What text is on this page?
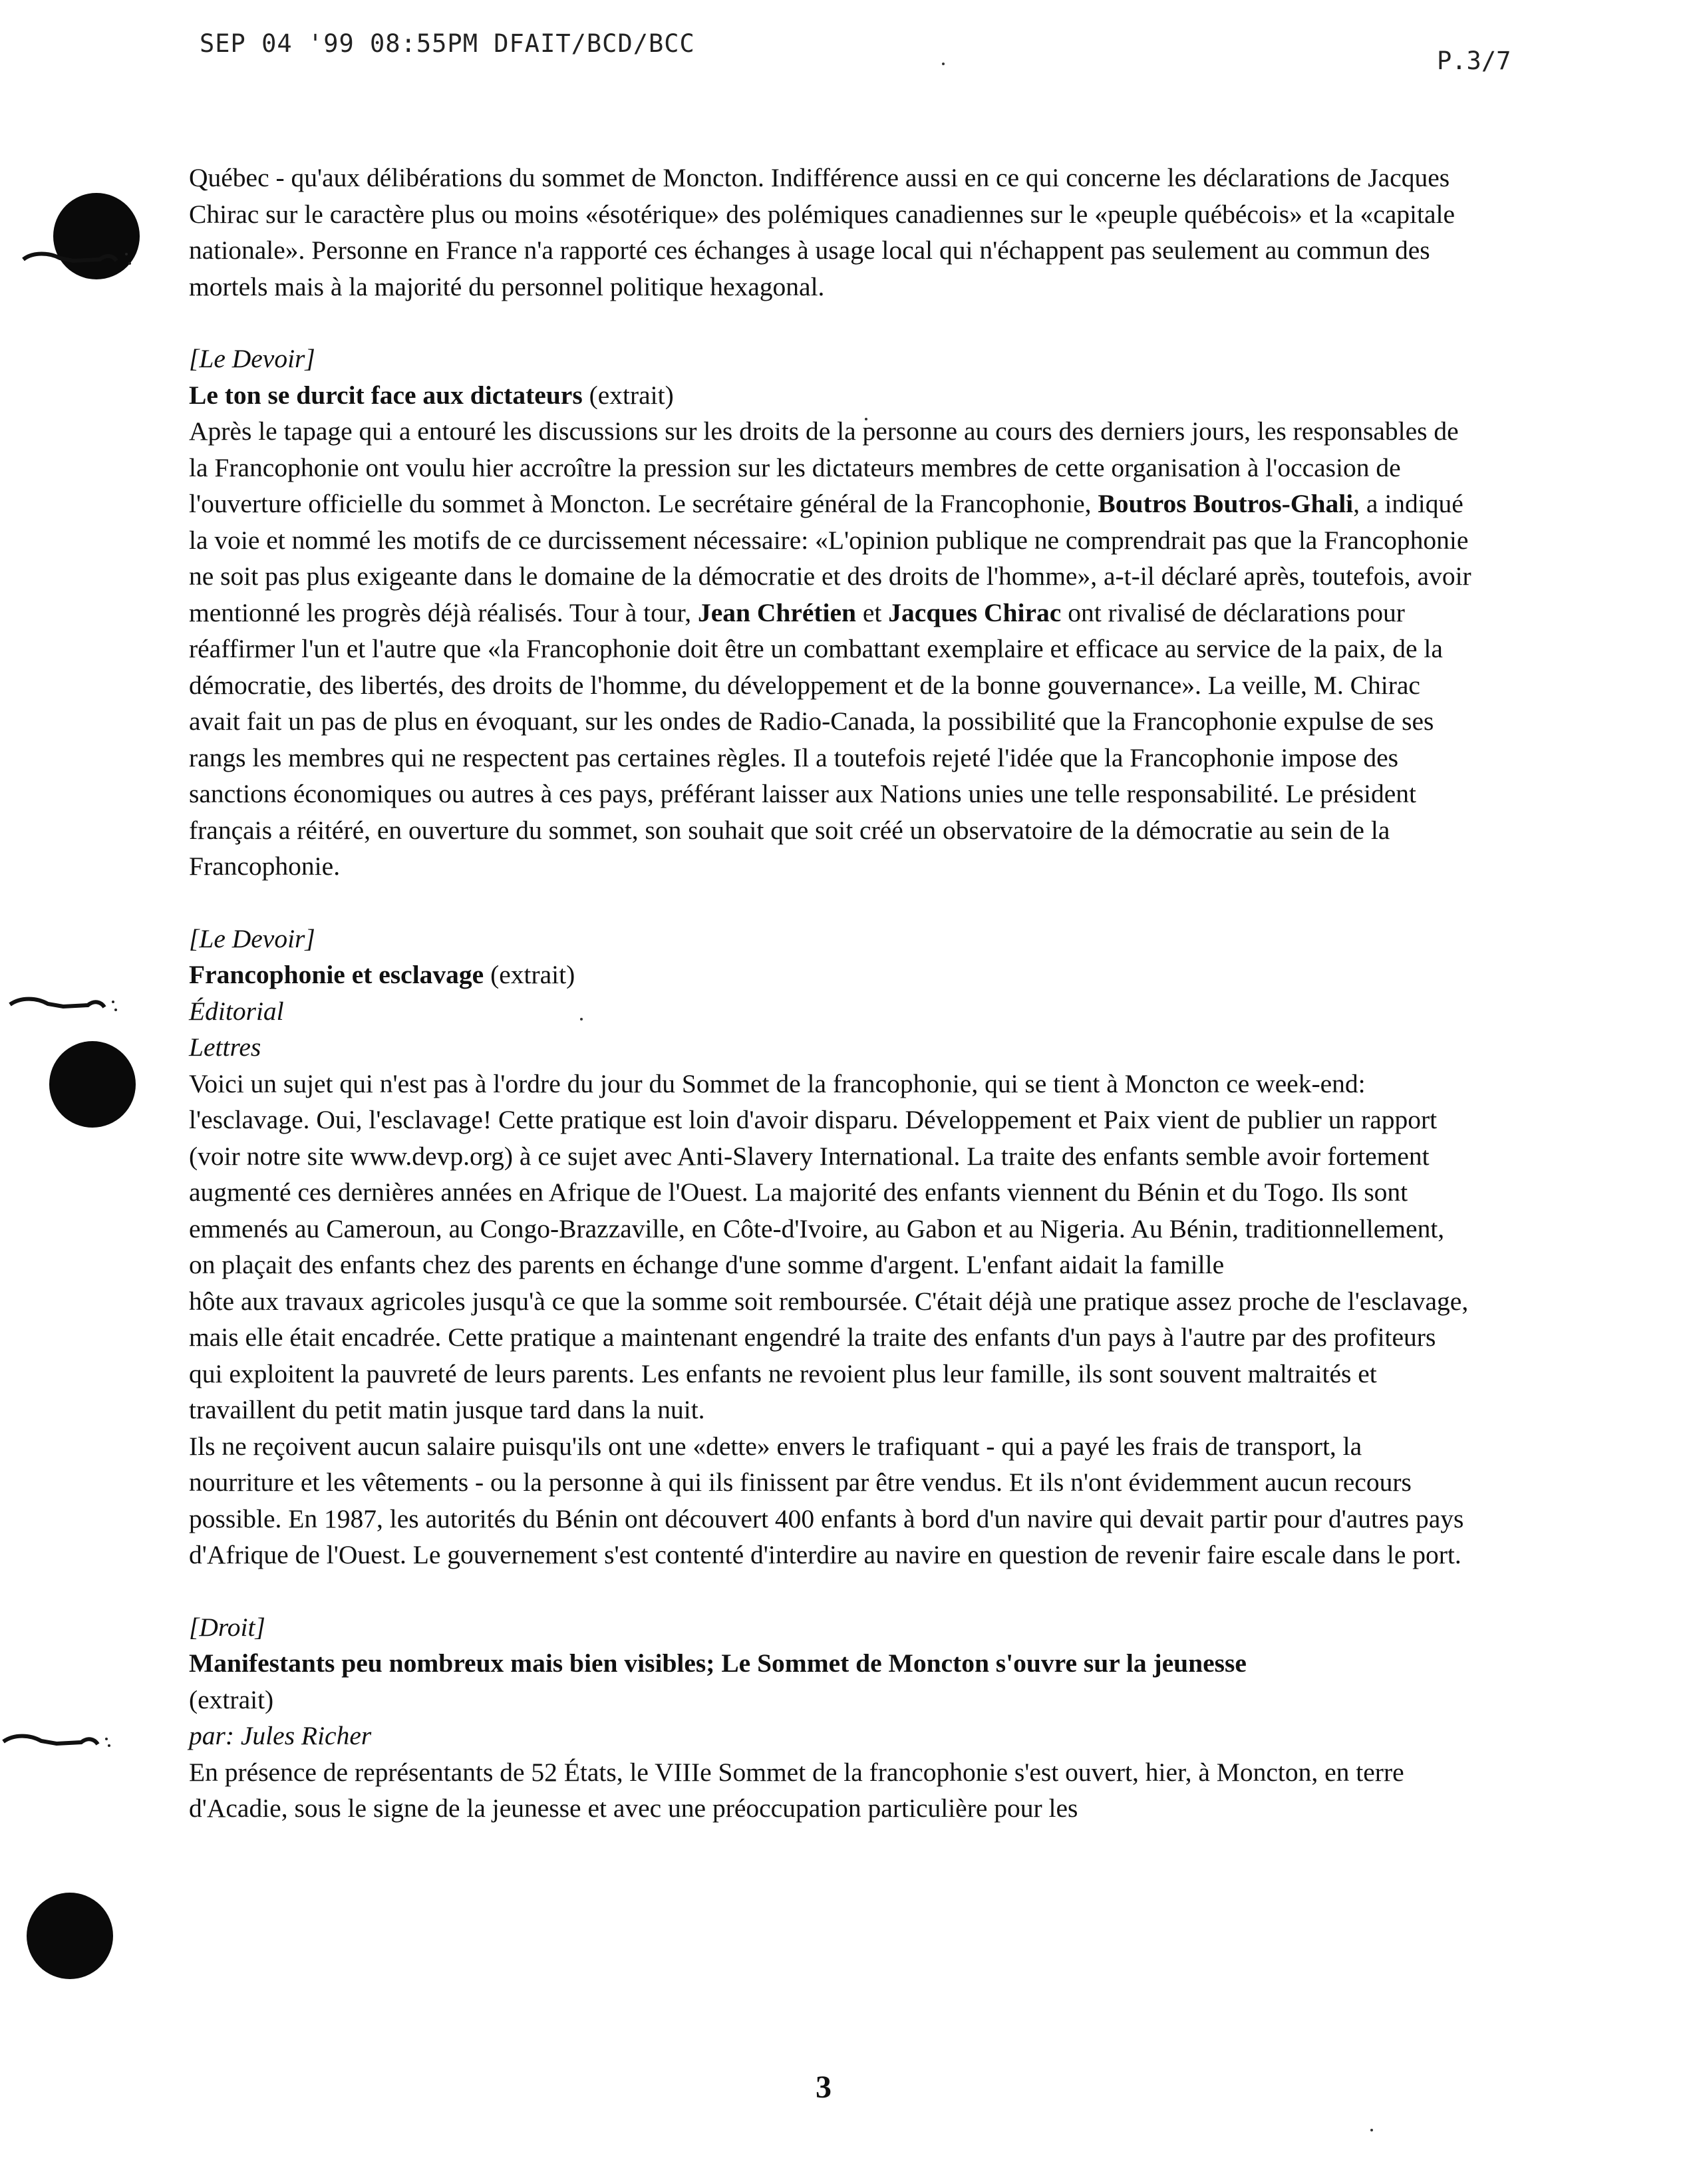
SEP 04 '99 08:55PM DFAIT/BCD/BCC
P.3/7

Québec - qu'aux délibérations du sommet de Moncton. Indifférence aussi en ce qui concerne les déclarations de Jacques Chirac sur le caractère plus ou moins «ésotérique» des polémiques canadiennes sur le «peuple québécois» et la «capitale nationale». Personne en France n'a rapporté ces échanges à usage local qui n'échappent pas seulement au commun des mortels mais à la majorité du personnel politique hexagonal.

[Le Devoir]
Le ton se durcit face aux dictateurs (extrait)

Après le tapage qui a entouré les discussions sur les droits de la personne au cours des derniers jours, les responsables de la Francophonie ont voulu hier accroître la pression sur les dictateurs membres de cette organisation à l'occasion de l'ouverture officielle du sommet à Moncton. Le secrétaire général de la Francophonie, Boutros Boutros-Ghali, a indiqué la voie et nommé les motifs de ce durcissement nécessaire: «L'opinion publique ne comprendrait pas que la Francophonie ne soit pas plus exigeante dans le domaine de la démocratie et des droits de l'homme», a-t-il déclaré après, toutefois, avoir mentionné les progrès déjà réalisés. Tour à tour, Jean Chrétien et Jacques Chirac ont rivalisé de déclarations pour réaffirmer l'un et l'autre que «la Francophonie doit être un combattant exemplaire et efficace au service de la paix, de la démocratie, des libertés, des droits de l'homme, du développement et de la bonne gouvernance». La veille, M. Chirac avait fait un pas de plus en évoquant, sur les ondes de Radio-Canada, la possibilité que la Francophonie expulse de ses rangs les membres qui ne respectent pas certaines règles. Il a toutefois rejeté l'idée que la Francophonie impose des sanctions économiques ou autres à ces pays, préférant laisser aux Nations unies une telle responsabilité. Le président français a réitéré, en ouverture du sommet, son souhait que soit créé un observatoire de la démocratie au sein de la Francophonie.

[Le Devoir]
Francophonie et esclavage (extrait)
Éditorial
Lettres

Voici un sujet qui n'est pas à l'ordre du jour du Sommet de la francophonie, qui se tient à Moncton ce week-end: l'esclavage. Oui, l'esclavage! Cette pratique est loin d'avoir disparu. Développement et Paix vient de publier un rapport (voir notre site www.devp.org) à ce sujet avec Anti-Slavery International. La traite des enfants semble avoir fortement augmenté ces dernières années en Afrique de l'Ouest. La majorité des enfants viennent du Bénin et du Togo. Ils sont emmenés au Cameroun, au Congo-Brazzaville, en Côte-d'Ivoire, au Gabon et au Nigeria. Au Bénin, traditionnellement, on plaçait des enfants chez des parents en échange d'une somme d'argent. L'enfant aidait la famille

hôte aux travaux agricoles jusqu'à ce que la somme soit remboursée. C'était déjà une pratique assez proche de l'esclavage, mais elle était encadrée. Cette pratique a maintenant engendré la traite des enfants d'un pays à l'autre par des profiteurs qui exploitent la pauvreté de leurs parents. Les enfants ne revoient plus leur famille, ils sont souvent maltraités et travaillent du petit matin jusque tard dans la nuit.

Ils ne reçoivent aucun salaire puisqu'ils ont une «dette» envers le trafiquant - qui a payé les frais de transport, la nourriture et les vêtements - ou la personne à qui ils finissent par être vendus. Et ils n'ont évidemment aucun recours possible. En 1987, les autorités du Bénin ont découvert 400 enfants à bord d'un navire qui devait partir pour d'autres pays d'Afrique de l'Ouest. Le gouvernement s'est contenté d'interdire au navire en question de revenir faire escale dans le port.

[Droit]
Manifestants peu nombreux mais bien visibles; Le Sommet de Moncton s'ouvre sur la jeunesse
(extrait)
par: Jules Richer

En présence de représentants de 52 États, le VIIIe Sommet de la francophonie s'est ouvert, hier, à Moncton, en terre d'Acadie, sous le signe de la jeunesse et avec une préoccupation particulière pour les

3
